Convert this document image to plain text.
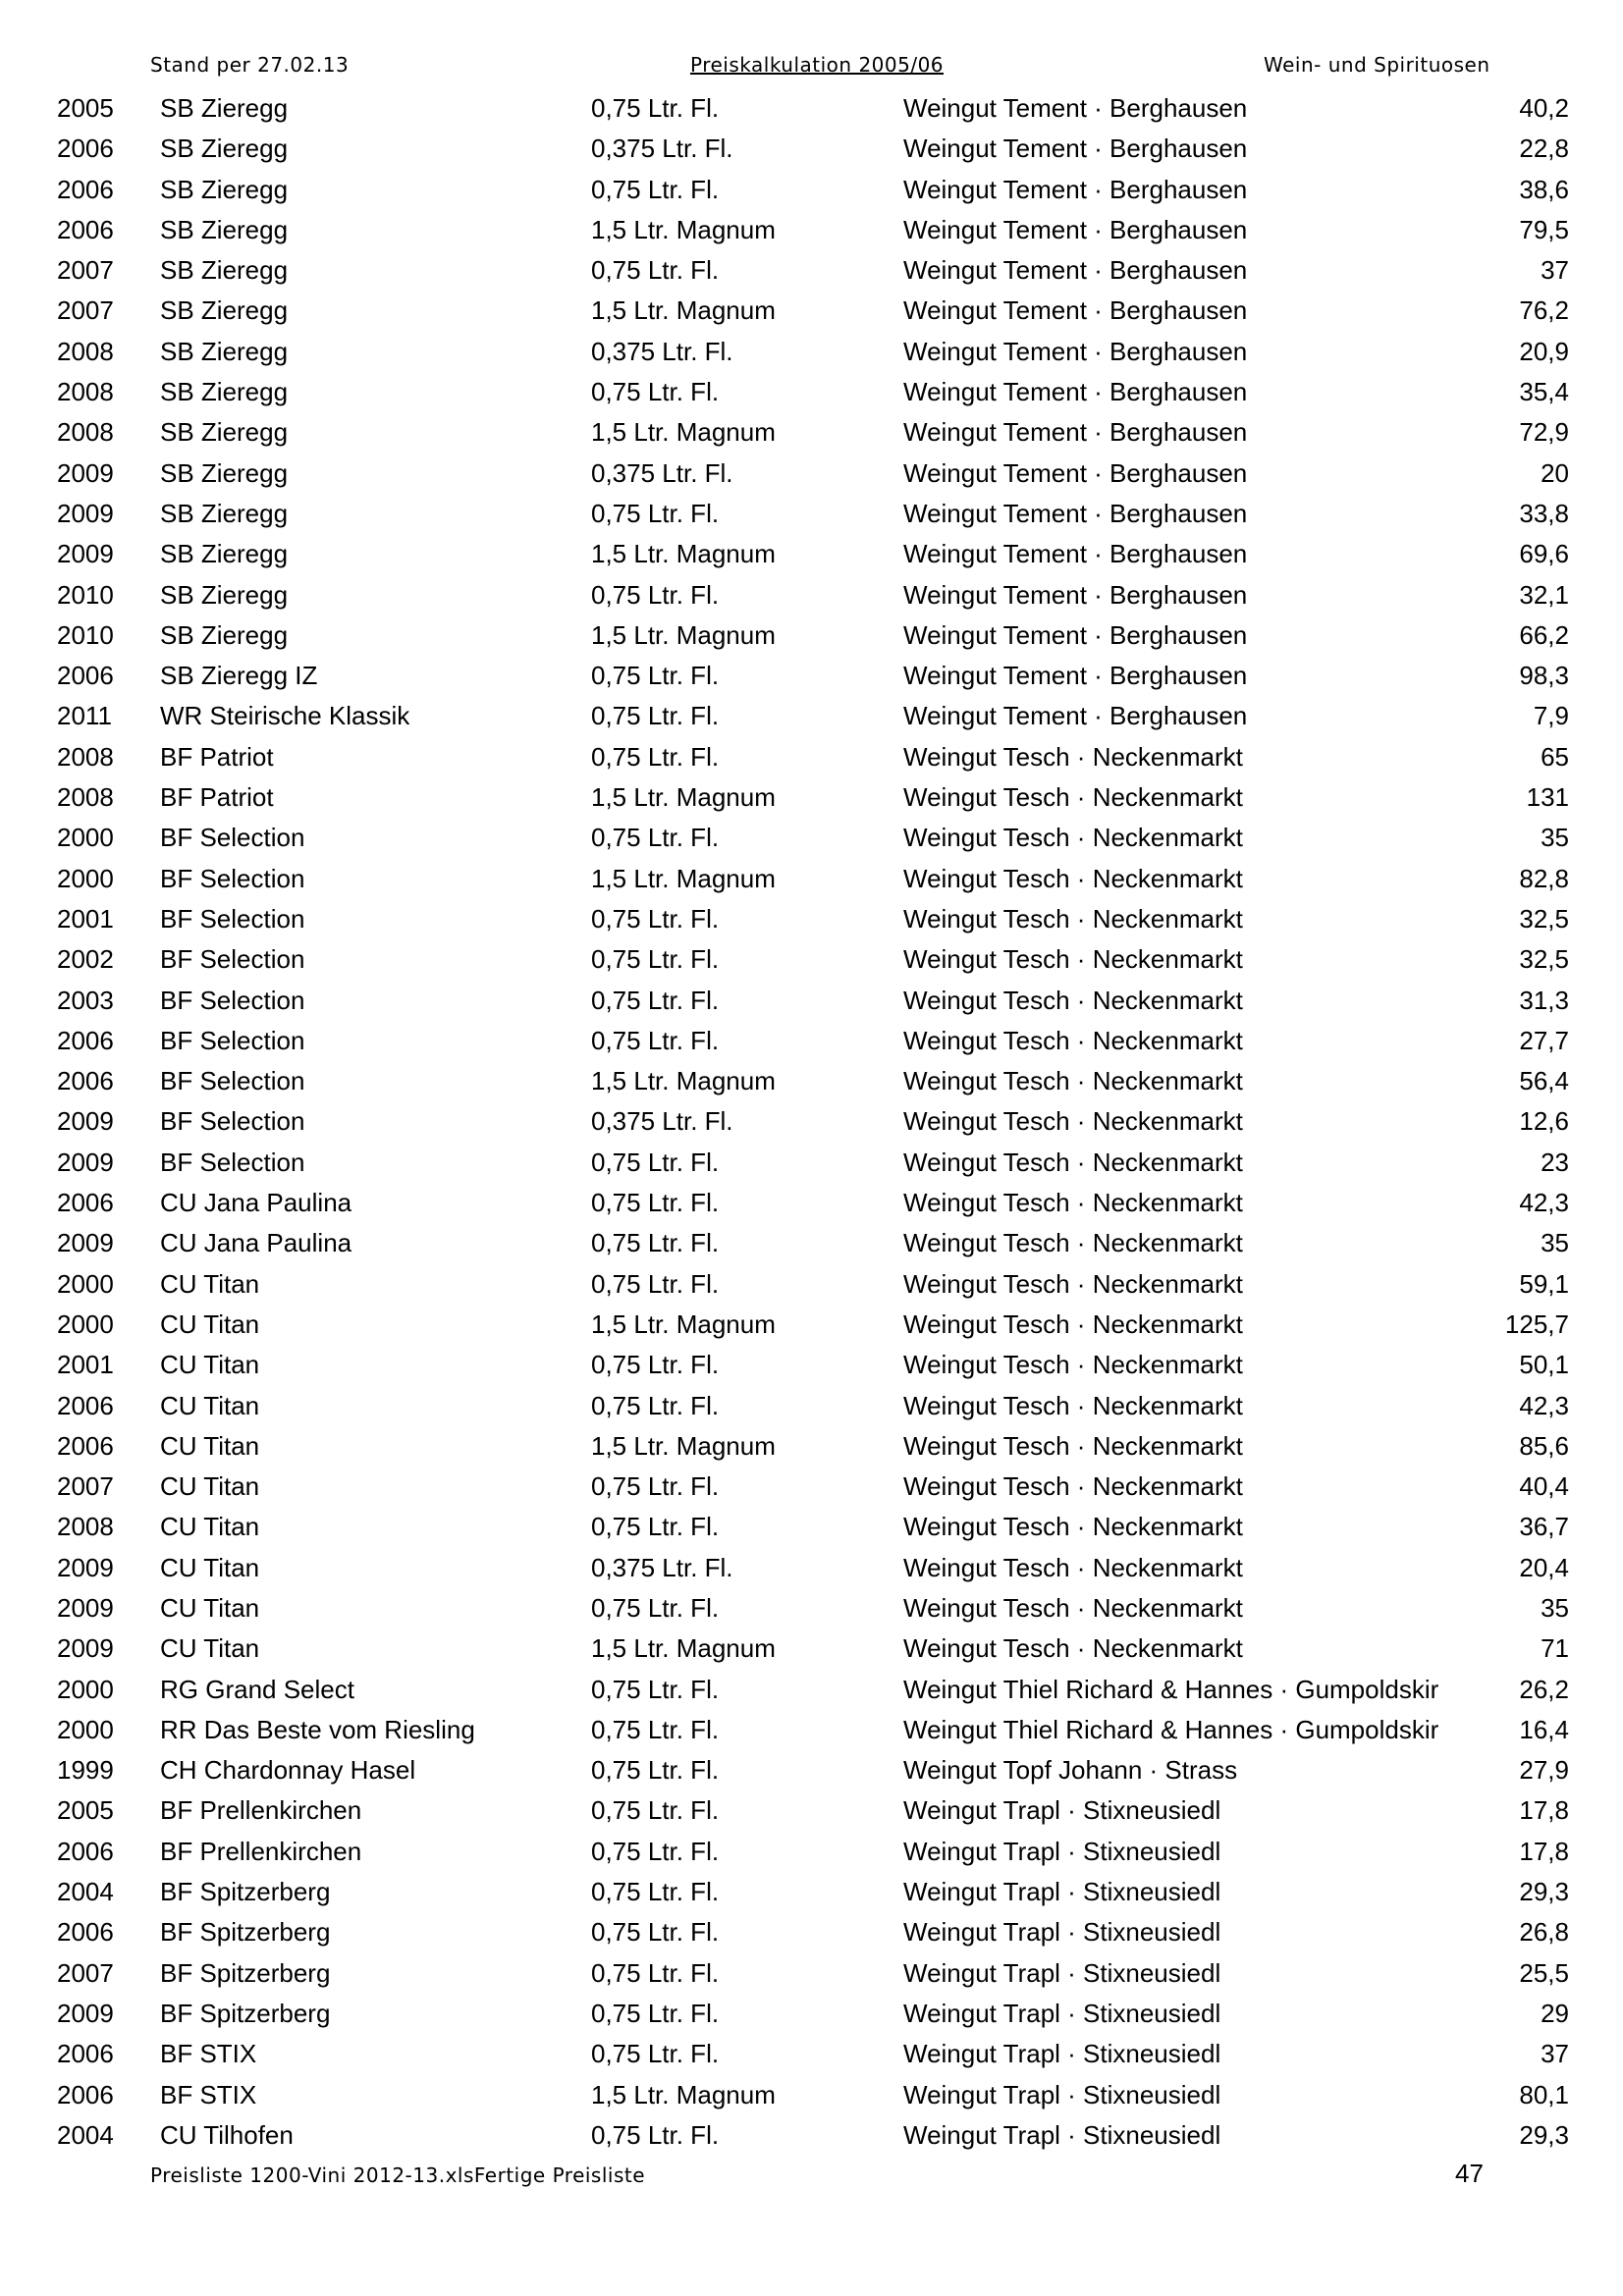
Stand per 27.02.13	Preiskalkulation 2005/06	Wein- und Spirituosen
2005 SB Zieregg	0,75 Ltr. Fl.	Weingut Tement · Berghausen	40,2
2006 SB Zieregg	0,375 Ltr. Fl.	Weingut Tement · Berghausen	22,8
2006 SB Zieregg	0,75 Ltr. Fl.	Weingut Tement · Berghausen	38,6
2006 SB Zieregg	1,5 Ltr. Magnum	Weingut Tement · Berghausen	79,5
2007 SB Zieregg	0,75 Ltr. Fl.	Weingut Tement · Berghausen	37
2007 SB Zieregg	1,5 Ltr. Magnum	Weingut Tement · Berghausen	76,2
2008 SB Zieregg	0,375 Ltr. Fl.	Weingut Tement · Berghausen	20,9
2008 SB Zieregg	0,75 Ltr. Fl.	Weingut Tement · Berghausen	35,4
2008 SB Zieregg	1,5 Ltr. Magnum	Weingut Tement · Berghausen	72,9
2009 SB Zieregg	0,375 Ltr. Fl.	Weingut Tement · Berghausen	20
2009 SB Zieregg	0,75 Ltr. Fl.	Weingut Tement · Berghausen	33,8
2009 SB Zieregg	1,5 Ltr. Magnum	Weingut Tement · Berghausen	69,6
2010 SB Zieregg	0,75 Ltr. Fl.	Weingut Tement · Berghausen	32,1
2010 SB Zieregg	1,5 Ltr. Magnum	Weingut Tement · Berghausen	66,2
2006 SB Zieregg IZ	0,75 Ltr. Fl.	Weingut Tement · Berghausen	98,3
2011 WR Steirische Klassik	0,75 Ltr. Fl.	Weingut Tement · Berghausen	7,9
2008 BF Patriot	0,75 Ltr. Fl.	Weingut Tesch · Neckenmarkt	65
2008 BF Patriot	1,5 Ltr. Magnum	Weingut Tesch · Neckenmarkt	131
2000 BF Selection	0,75 Ltr. Fl.	Weingut Tesch · Neckenmarkt	35
2000 BF Selection	1,5 Ltr. Magnum	Weingut Tesch · Neckenmarkt	82,8
2001 BF Selection	0,75 Ltr. Fl.	Weingut Tesch · Neckenmarkt	32,5
2002 BF Selection	0,75 Ltr. Fl.	Weingut Tesch · Neckenmarkt	32,5
2003 BF Selection	0,75 Ltr. Fl.	Weingut Tesch · Neckenmarkt	31,3
2006 BF Selection	0,75 Ltr. Fl.	Weingut Tesch · Neckenmarkt	27,7
2006 BF Selection	1,5 Ltr. Magnum	Weingut Tesch · Neckenmarkt	56,4
2009 BF Selection	0,375 Ltr. Fl.	Weingut Tesch · Neckenmarkt	12,6
2009 BF Selection	0,75 Ltr. Fl.	Weingut Tesch · Neckenmarkt	23
2006 CU Jana Paulina	0,75 Ltr. Fl.	Weingut Tesch · Neckenmarkt	42,3
2009 CU Jana Paulina	0,75 Ltr. Fl.	Weingut Tesch · Neckenmarkt	35
2000 CU Titan	0,75 Ltr. Fl.	Weingut Tesch · Neckenmarkt	59,1
2000 CU Titan	1,5 Ltr. Magnum	Weingut Tesch · Neckenmarkt	125,7
2001 CU Titan	0,75 Ltr. Fl.	Weingut Tesch · Neckenmarkt	50,1
2006 CU Titan	0,75 Ltr. Fl.	Weingut Tesch · Neckenmarkt	42,3
2006 CU Titan	1,5 Ltr. Magnum	Weingut Tesch · Neckenmarkt	85,6
2007 CU Titan	0,75 Ltr. Fl.	Weingut Tesch · Neckenmarkt	40,4
2008 CU Titan	0,75 Ltr. Fl.	Weingut Tesch · Neckenmarkt	36,7
2009 CU Titan	0,375 Ltr. Fl.	Weingut Tesch · Neckenmarkt	20,4
2009 CU Titan	0,75 Ltr. Fl.	Weingut Tesch · Neckenmarkt	35
2009 CU Titan	1,5 Ltr. Magnum	Weingut Tesch · Neckenmarkt	71
2000 RG Grand Select	0,75 Ltr. Fl.	Weingut Thiel Richard & Hannes · Gumpoldskir	26,2
2000 RR Das Beste vom Riesling	0,75 Ltr. Fl.	Weingut Thiel Richard & Hannes · Gumpoldskir	16,4
1999 CH Chardonnay Hasel	0,75 Ltr. Fl.	Weingut Topf Johann · Strass	27,9
2005 BF Prellenkirchen	0,75 Ltr. Fl.	Weingut Trapl · Stixneusiedl	17,8
2006 BF Prellenkirchen	0,75 Ltr. Fl.	Weingut Trapl · Stixneusiedl	17,8
2004 BF Spitzerberg	0,75 Ltr. Fl.	Weingut Trapl · Stixneusiedl	29,3
2006 BF Spitzerberg	0,75 Ltr. Fl.	Weingut Trapl · Stixneusiedl	26,8
2007 BF Spitzerberg	0,75 Ltr. Fl.	Weingut Trapl · Stixneusiedl	25,5
2009 BF Spitzerberg	0,75 Ltr. Fl.	Weingut Trapl · Stixneusiedl	29
2006 BF STIX	0,75 Ltr. Fl.	Weingut Trapl · Stixneusiedl	37
2006 BF STIX	1,5 Ltr. Magnum	Weingut Trapl · Stixneusiedl	80,1
2004 CU Tilhofen	0,75 Ltr. Fl.	Weingut Trapl · Stixneusiedl	29,3
Preisliste 1200-Vini 2012-13.xlsFertige Preisliste	47
